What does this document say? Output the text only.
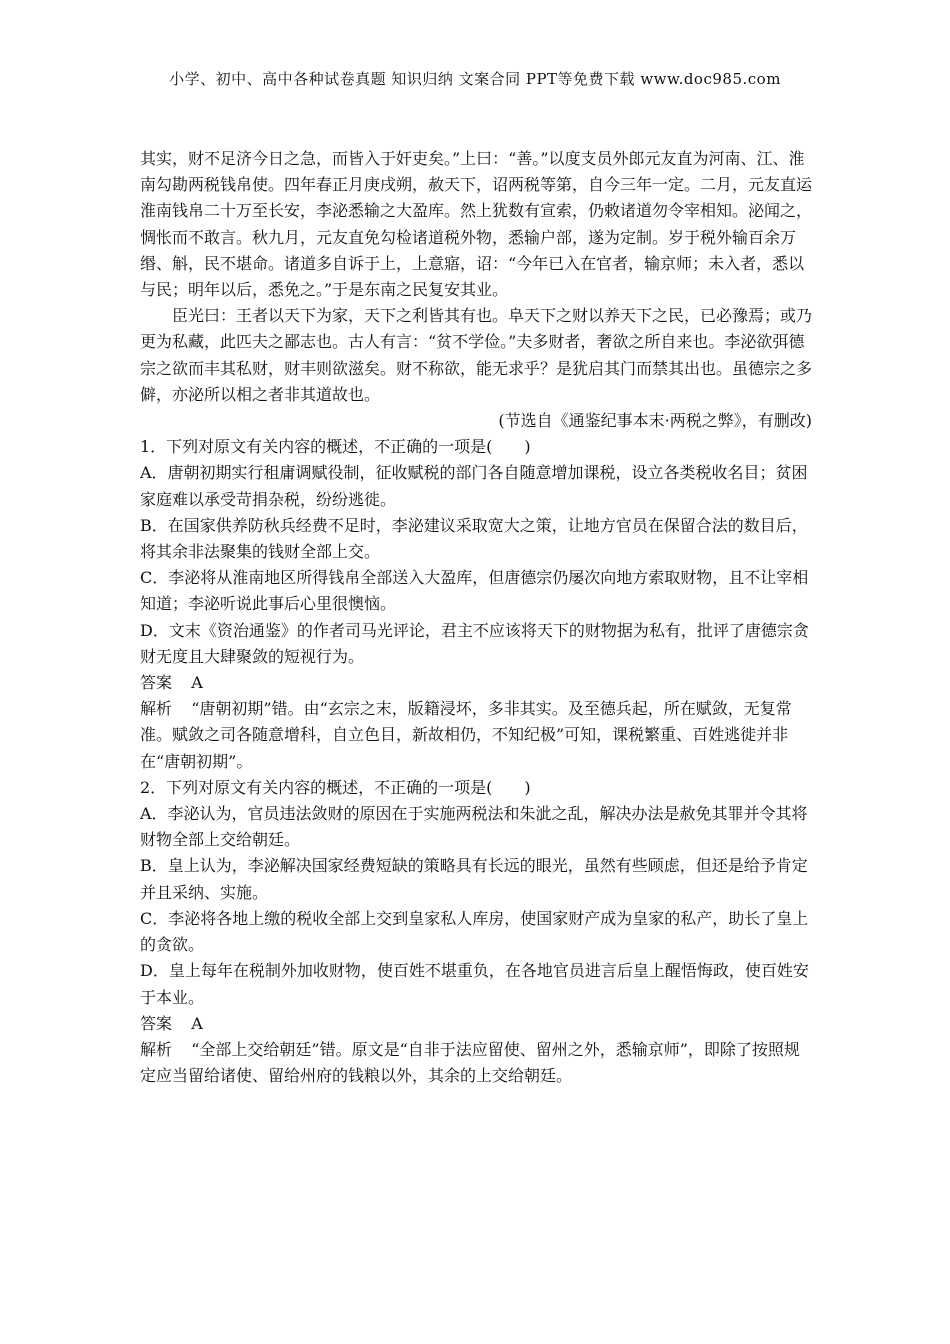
小学、初中、高中各种试卷真题 知识归纳 文案合同 PPT等免费下载 www.doc985.com

其实，财不足济今日之急，而皆入于奸吏矣。”上曰：“善。”以度支员外郎元友直为河南、江、淮南勾勘两税钱帛使。四年春正月庚戌朔，赦天下，诏两税等第，自今三年一定。二月，元友直运淮南钱帛二十万至长安，李泌悉输之大盈库。然上犹数有宣索，仍敕诸道勿令宰相知。泌闻之，惆怅而不敢言。秋九月，元友直免勾检诸道税外物，悉输户部，遂为定制。岁于税外输百余万缗、斛，民不堪命。诸道多自诉于上，上意寤，诏：“今年已入在官者，输京师；未入者，悉以与民；明年以后，悉免之。”于是东南之民复安其业。

臣光曰：王者以天下为家，天下之利皆其有也。阜天下之财以养天下之民，已必豫焉；或乃更为私藏，此匹夫之鄙志也。古人有言：“贫不学俭。”夫多财者，奢欲之所自来也。李泌欲弭德宗之欲而丰其私财，财丰则欲滋矣。财不称欲，能无求乎？是犹启其门而禁其出也。虽德宗之多僻，亦泌所以相之者非其道故也。

(节选自《通鉴纪事本末·两税之弊》，有删改)

1．下列对原文有关内容的概述，不正确的一项是(　　)

A．唐朝初期实行租庸调赋役制，征收赋税的部门各自随意增加课税，设立各类税收名目；贫困家庭难以承受苛捐杂税，纷纷逃徙。

B．在国家供养防秋兵经费不足时，李泌建议采取宽大之策，让地方官员在保留合法的数目后，将其余非法聚集的钱财全部上交。

C．李泌将从淮南地区所得钱帛全部送入大盈库，但唐德宗仍屡次向地方索取财物，且不让宰相知道；李泌听说此事后心里很懊恼。

D．文末《资治通鉴》的作者司马光评论，君主不应该将天下的财物据为私有，批评了唐德宗贪财无度且大肆聚敛的短视行为。

答案 A

解析 “唐朝初期”错。由“玄宗之末，版籍浸坏，多非其实。及至德兵起，所在赋敛，无复常准。赋敛之司各随意增科，自立色目，新故相仍，不知纪极”可知，课税繁重、百姓逃徙并非在“唐朝初期”。

2．下列对原文有关内容的概述，不正确的一项是(　　)

A．李泌认为，官员违法敛财的原因在于实施两税法和朱泚之乱，解决办法是赦免其罪并令其将财物全部上交给朝廷。

B．皇上认为，李泌解决国家经费短缺的策略具有长远的眼光，虽然有些顾虑，但还是给予肯定并且采纳、实施。

C．李泌将各地上缴的税收全部上交到皇家私人库房，使国家财产成为皇家的私产，助长了皇上的贪欲。

D．皇上每年在税制外加收财物，使百姓不堪重负，在各地官员进言后皇上醒悟悔政，使百姓安于本业。

答案 A

解析 “全部上交给朝廷”错。原文是“自非于法应留使、留州之外，悉输京师”，即除了按照规定应当留给诸使、留给州府的钱粮以外，其余的上交给朝廷。
